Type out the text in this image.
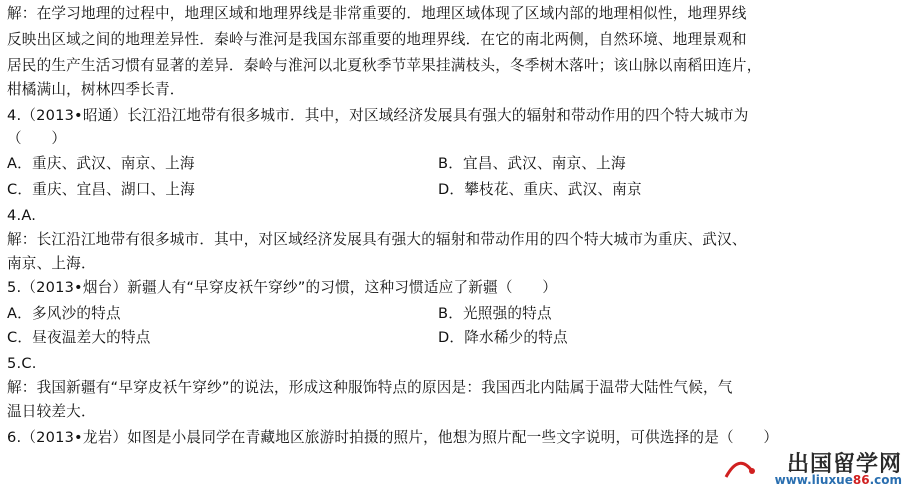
解：在学习地理的过程中，地理区域和地理界线是非常重要的．地理区域体现了区域内部的地理相似性，地理界线
反映出区域之间的地理差异性．秦岭与淮河是我国东部重要的地理界线．在它的南北两侧，自然环境、地理景观和
居民的生产生活习惯有显著的差异．秦岭与淮河以北夏秋季节苹果挂满枝头，冬季树木落叶；该山脉以南稻田连片，
柑橘满山，树林四季长青．
4.（2013•昭通）长江沿江地带有很多城市．其中，对区域经济发展具有强大的辐射和带动作用的四个特大城市为
（　　）
A．重庆、武汉、南京、上海	B．宜昌、武汉、南京、上海
C．重庆、宜昌、湖口、上海	D．攀枝花、重庆、武汉、南京
4.A.
解：长江沿江地带有很多城市．其中，对区域经济发展具有强大的辐射和带动作用的四个特大城市为重庆、武汉、
南京、上海．
5.（2013•烟台）新疆人有“早穿皮袄午穿纱”的习惯，这种习惯适应了新疆（　　）
A．多风沙的特点	B．光照强的特点
C．昼夜温差大的特点	D．降水稀少的特点
5.C.
解：我国新疆有“早穿皮袄午穿纱”的说法，形成这种服饰特点的原因是：我国西北内陆属于温带大陆性气候，气
温日较差大．
6.（2013•龙岩）如图是小晨同学在青藏地区旅游时拍摄的照片，他想为照片配一些文字说明，可供选择的是（　　）
出国留学网
www.liuxue86.com
